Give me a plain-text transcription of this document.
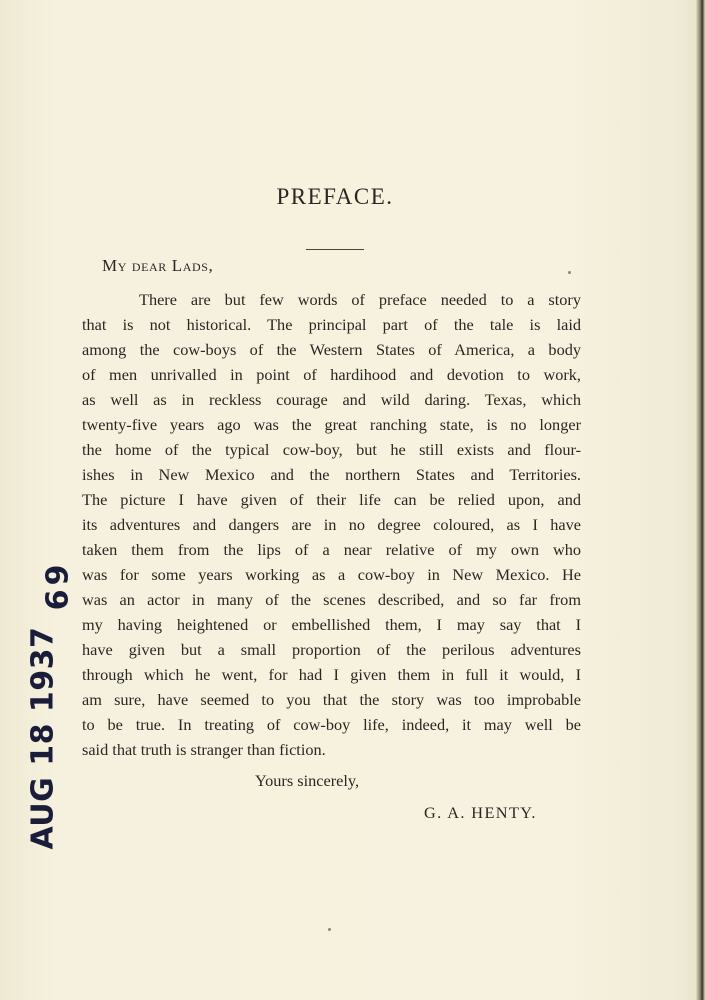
PREFACE.
My dear Lads,
There are but few words of preface needed to a story
that is not historical. The principal part of the tale is laid
among the cow-boys of the Western States of America, a body
of men unrivalled in point of hardihood and devotion to work,
as well as in reckless courage and wild daring. Texas, which
twenty-five years ago was the great ranching state, is no longer
the home of the typical cow-boy, but he still exists and flour-
ishes in New Mexico and the northern States and Territories.
The picture I have given of their life can be relied upon, and
its adventures and dangers are in no degree coloured, as I have
taken them from the lips of a near relative of my own who
was for some years working as a cow-boy in New Mexico. He
was an actor in many of the scenes described, and so far from
my having heightened or embellished them, I may say that I
have given but a small proportion of the perilous adventures
through which he went, for had I given them in full it would, I
am sure, have seemed to you that the story was too improbable
to be true. In treating of cow-boy life, indeed, it may well be
said that truth is stranger than fiction.
Yours sincerely,
G. A. HENTY.
69
AUG 18 1937
